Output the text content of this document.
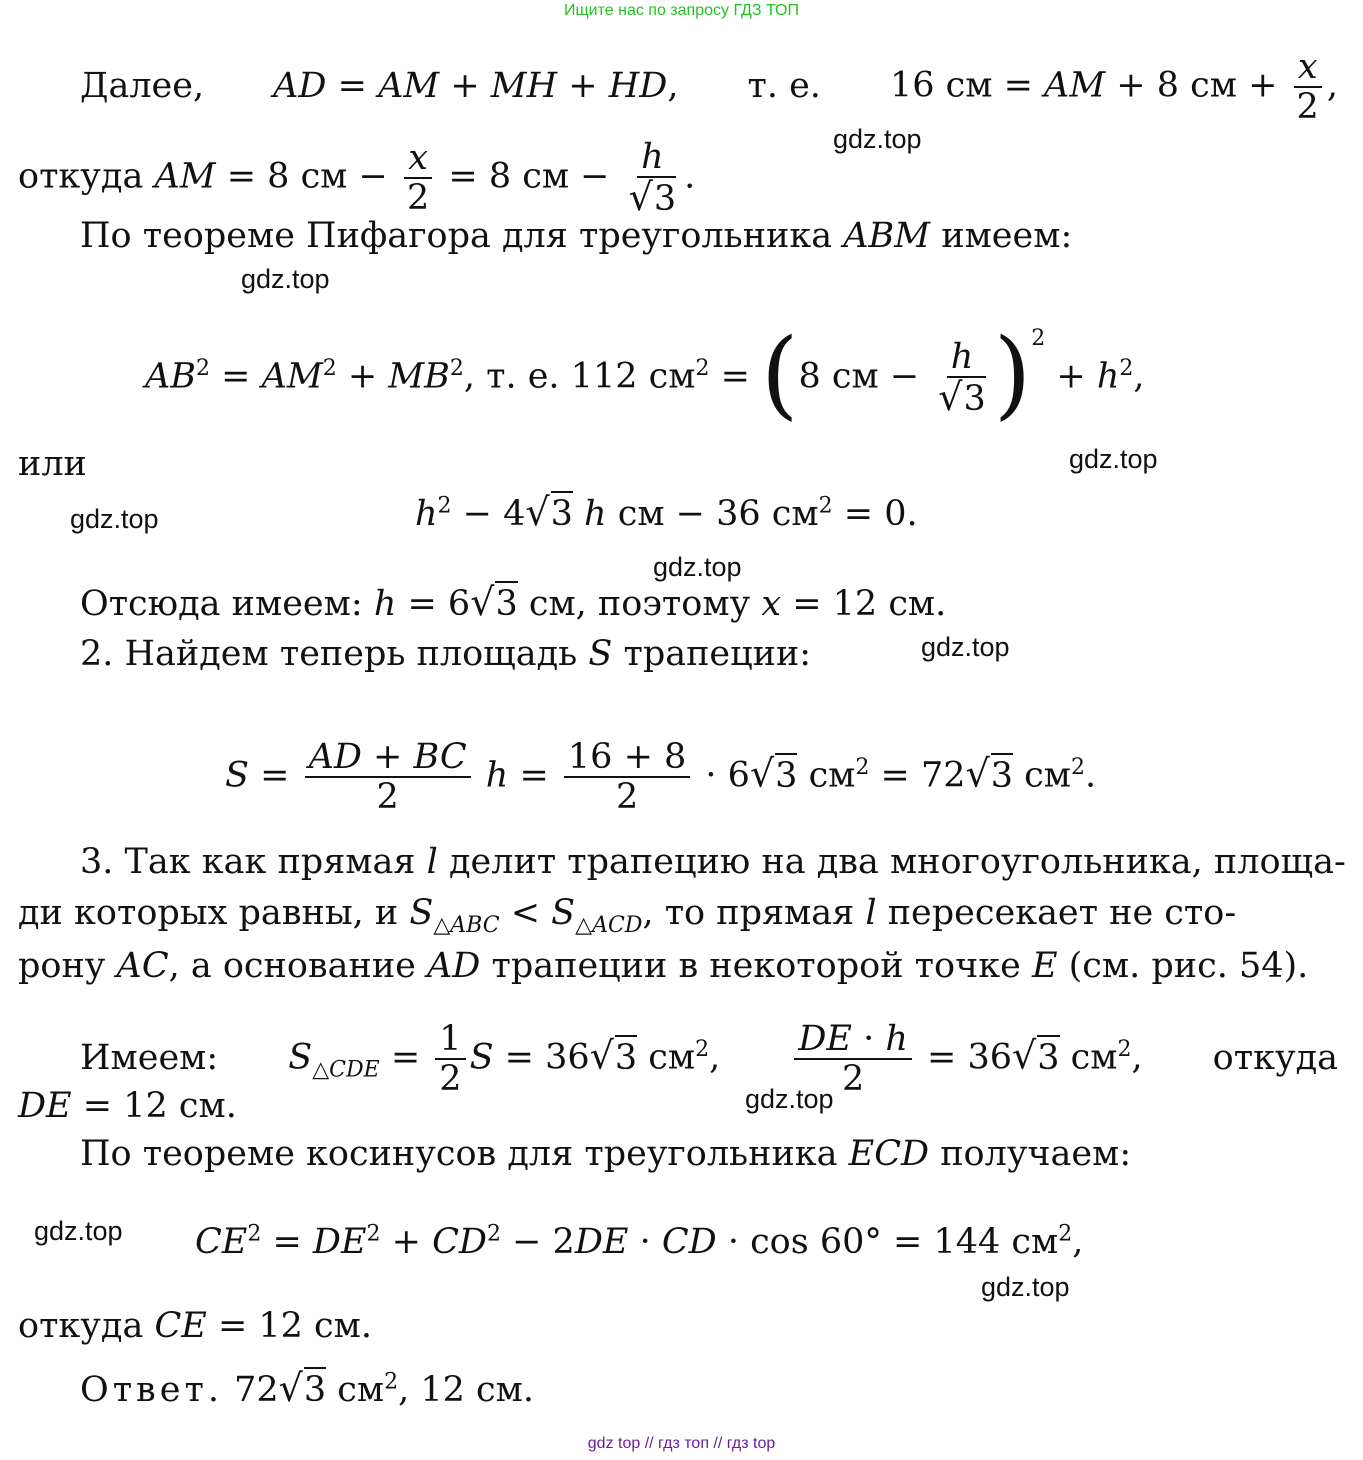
Ищите нас по запросу ГДЗ ТОП
Далее, AD = AM + MH + HD, т. е. 16 см = AM + 8 см + $\frac{x}{2}$ ,
откуда AM = 8 см − $\frac{x}{2} = 8$ см − $\frac{h}{√3}$ .
По теореме Пифагора для треугольника ABM имеем:
$AB^2 = AM^2 + MB^2$, т. е. 112 $см^2 = (8$ см − $\frac{h}{√3} )^2 + h^2$,
или
$h^2 - 4√3$ h см − 36 $см^2 = 0$.
Отсюда имеем: h = 6√3 см, поэтому x = 12 см.
2. Найдем теперь площадь S трапеции:
$S = \frac{AD + BC}{2}$ $h = \frac{16 + 8}{2} \cdot 6√3$ $см^2 = 72√3$ $см^2$.
3. Так как прямая l делит трапецию на два многоугольника, площа-
ди которых равны, и $S_{\triangle ABC} < S_{\triangle ACD}$, то прямая l пересекает не сто-
рону AC, а основание AD трапеции в некоторой точке E (см. рис. 54).
Имеем: $S_{\triangle CDE} = \frac{1}{2}$ S = 36√3 $см^2$, $\frac{DE \cdot h}{2} = 36√3$ $см^2$, откуда
DE = 12 см.
По теореме косинусов для треугольника ECD получаем:
$CE^2 = DE^2 + CD^2 - 2DE$ · CD · cos 60° = 144 $см^2$,
откуда CE = 12 см.
Ответ. 72√3 $см^2$, 12 см.
gdz.top
gdz.top
gdz.top
gdz.top
gdz.top
gdz.top
gdz.top
gdz.top
gdz.top
gdz top // гдз топ // гдз top
